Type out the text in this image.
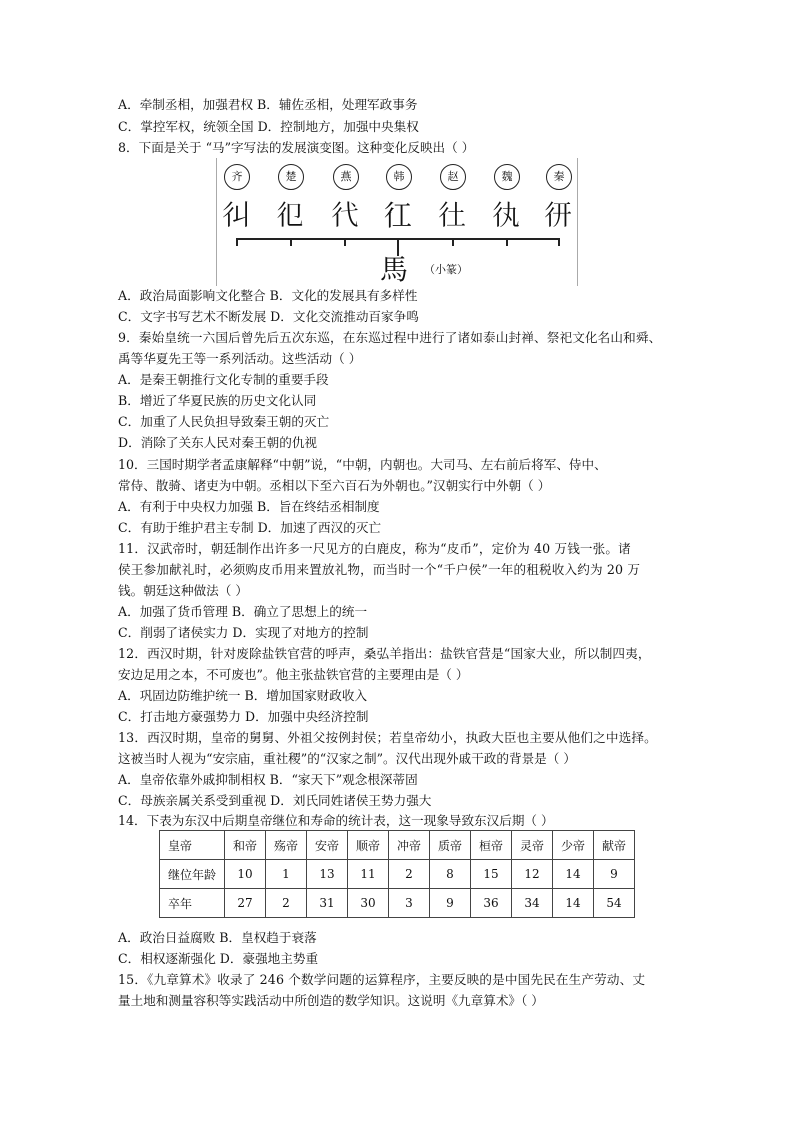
A．牵制丞相，加强君权 B．辅佐丞相，处理军政事务
C．掌控军权，统领全国 D．控制地方，加强中央集权
8．下面是关于 “马”字写法的发展演变图。这种变化反映出（ ）
齐	楚	燕	韩	赵	魏	秦
𢒾 𢒿 𢓀 𢓁 𢓂 𢓃 𢓄
馬 （小篆）
A．政治局面影响文化整合 B．文化的发展具有多样性
C．文字书写艺术不断发展 D．文化交流推动百家争鸣
9．秦始皇统一六国后曾先后五次东巡，在东巡过程中进行了诸如泰山封禅、祭祀文化名山和舜、
禹等华夏先王等一系列活动。这些活动（ ）
A．是秦王朝推行文化专制的重要手段
B．增近了华夏民族的历史文化认同
C．加重了人民负担导致秦王朝的灭亡
D．消除了关东人民对秦王朝的仇视
10．三国时期学者孟康解释“中朝”说，“中朝，内朝也。大司马、左右前后将军、侍中、
常侍、散骑、诸吏为中朝。丞相以下至六百石为外朝也。”汉朝实行中外朝（ ）
A．有利于中央权力加强 B．旨在终结丞相制度
C．有助于维护君主专制 D．加速了西汉的灭亡
11．汉武帝时，朝廷制作出许多一尺见方的白鹿皮，称为“皮币”，定价为 40 万钱一张。诸
侯王参加献礼时，必须购皮币用来置放礼物，而当时一个“千户侯”一年的租税收入约为 20 万
钱。朝廷这种做法（ ）
A．加强了货币管理 B．确立了思想上的统一
C．削弱了诸侯实力 D．实现了对地方的控制
12．西汉时期，针对废除盐铁官营的呼声，桑弘羊指出：盐铁官营是“国家大业，所以制四夷，
安边足用之本，不可废也”。他主张盐铁官营的主要理由是（ ）
A．巩固边防维护统一 B．增加国家财政收入
C．打击地方豪强势力 D．加强中央经济控制
13．西汉时期，皇帝的舅舅、外祖父按例封侯；若皇帝幼小，执政大臣也主要从他们之中选择。
这被当时人视为“安宗庙，重社稷”的“汉家之制”。汉代出现外戚干政的背景是（ ）
A．皇帝依靠外戚抑制相权 B．“家天下”观念根深蒂固
C．母族亲属关系受到重视 D．刘氏同姓诸侯王势力强大
14．下表为东汉中后期皇帝继位和寿命的统计表，这一现象导致东汉后期（ ）
皇帝	和帝	殇帝	安帝	顺帝	冲帝	质帝	桓帝	灵帝	少帝	献帝
继位年龄	10	1	13	11	2	8	15	12	14	9
卒年	27	2	31	30	3	9	36	34	14	54
A．政治日益腐败 B．皇权趋于衰落
C．相权逐渐强化 D．豪强地主势重
15．《九章算术》收录了 246 个数学问题的运算程序，主要反映的是中国先民在生产劳动、丈
量土地和测量容积等实践活动中所创造的数学知识。这说明《九章算术》（ ）
